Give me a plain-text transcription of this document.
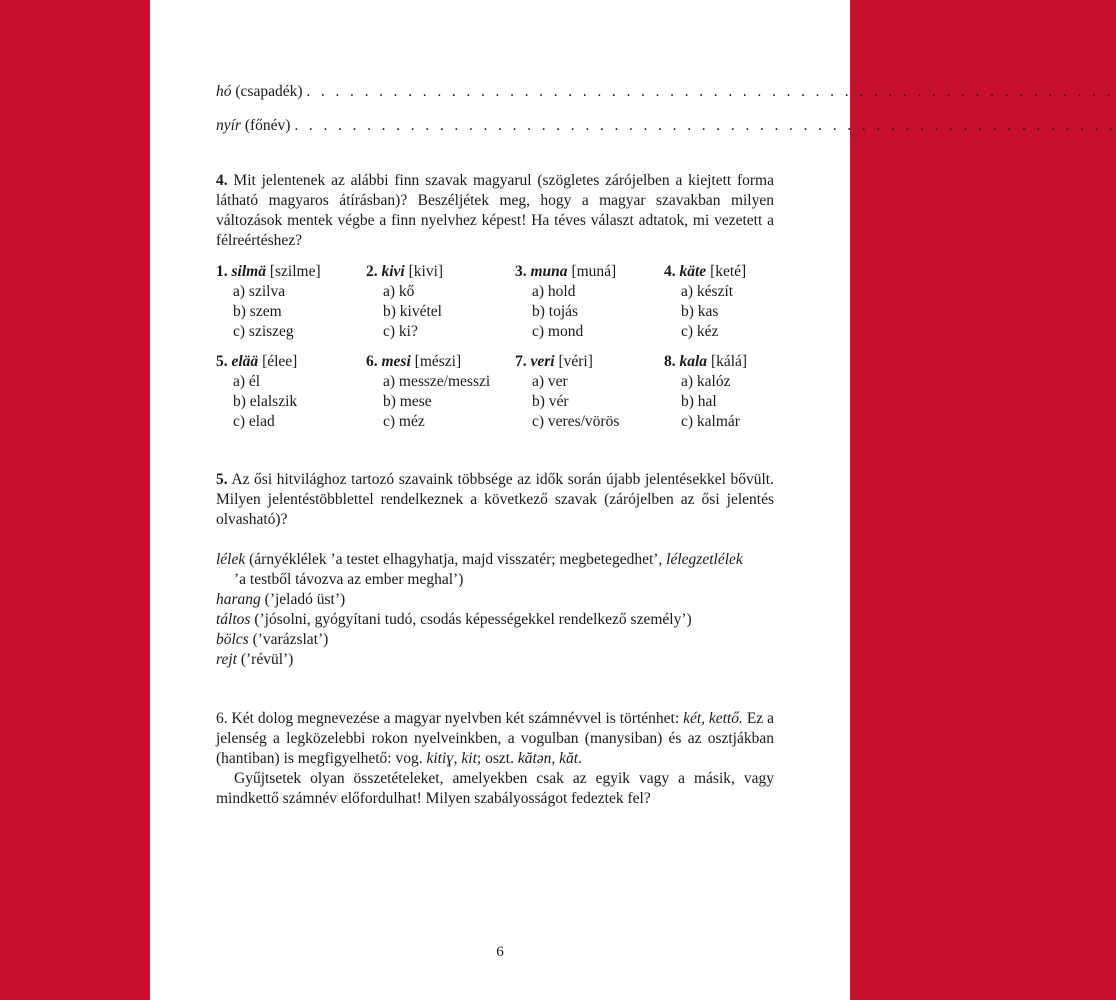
hó (csapadék) . . . . . . . . . . . . . . . . . . . . . . . . . . . . . . . . . . . . . . . . . . . . . . . . . . . . . . . .
nyír (főnév) . . . . . . . . . . . . . . . . . . . . . . . . . . . . . . . . . . . . . . . . . . . . . . . . . . . . . . . . .
4. Mit jelentenek az alábbi finn szavak magyarul (szögletes zárójelben a kiejtett forma látható magyaros átírásban)? Beszéljétek meg, hogy a magyar szavakban milyen változások mentek végbe a finn nyelvhez képest! Ha téves választ adtatok, mi vezetett a félreértéshez?
1. silmä [szilme]
a) szilva
b) szem
c) sziszeg
2. kivi [kivi]
a) kő
b) kivétel
c) ki?
3. muna [muná]
a) hold
b) tojás
c) mond
4. käte [keté]
a) készít
b) kas
c) kéz
5. elää [élee]
a) él
b) elalszik
c) elad
6. mesi [mészi]
a) messze/messzi
b) mese
c) méz
7. veri [véri]
a) ver
b) vér
c) veres/vörös
8. kala [kálá]
a) kalóz
b) hal
c) kalmár
5. Az ősi hitvilághoz tartozó szavaink többsége az idők során újabb jelentésekkel bővült. Milyen jelentéstöbblettel rendelkeznek a következő szavak (zárójelben az ősi jelentés olvasható)?
lélek (árnyéklélek ’a testet elhagyhatja, majd visszatér; megbetegedhet’, lélegzetlélek
’a testből távozva az ember meghal’)
harang (’jeladó üst’)
táltos (’jósolni, gyógyítani tudó, csodás képességekkel rendelkező személy’)
bölcs (’varázslat’)
rejt (’révül’)
6. Két dolog megnevezése a magyar nyelvben két számnévvel is történhet: két, kettő. Ez a jelenség a legközelebbi rokon nyelveinkben, a vogulban (manysiban) és az osztjákban (hantiban) is megfigyelhető: vog. kitiɣ, kit; oszt. kătən, kăt.
Gyűjtsetek olyan összetételeket, amelyekben csak az egyik vagy a másik, vagy mindkettő számnév előfordulhat! Milyen szabályosságot fedeztek fel?
6
